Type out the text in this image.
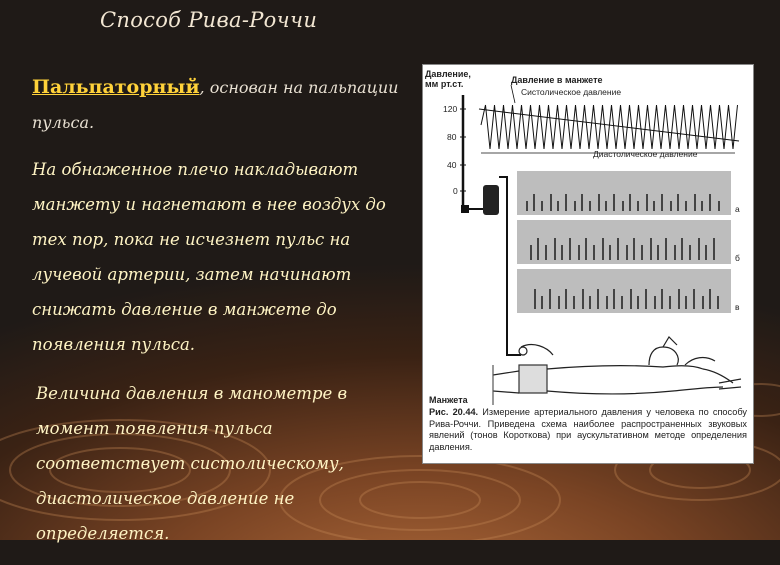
Способ Рива-Роччи

Пальпаторный, основан на пальпации пульса.

На обнаженное плечо накладывают манжету и нагнетают в нее воздух до тех пор, пока не исчезнет пульс на лучевой артерии, затем начинают снижать давление в манжете до появления пульса.

Величина давления в манометре в момент появления пульса соответствует систолическому, диастолическое давление не определяется.

Давление,
мм рт.ст.	Давление в манжете
Систолическое давление
Диастолическое давление
120
80
40
0
а
б
в
Манжета
Рис. 20.44. Измерение артериального давления у человека по способу Рива-Роччи. Приведена схема наиболее распространенных звуковых явлений (тонов Короткова) при аускультативном методе определения давления.
